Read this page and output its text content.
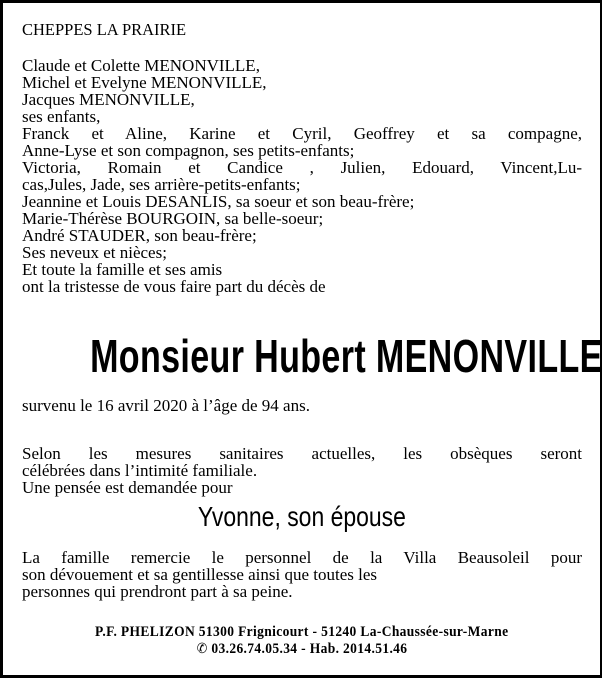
CHEPPES LA PRAIRIE
Claude et Colette MENONVILLE,
Michel et Evelyne MENONVILLE,
Jacques MENONVILLE,
ses enfants,
Franck et Aline, Karine et Cyril, Geoffrey et sa compagne,
Anne-Lyse et son compagnon, ses petits-enfants;
Victoria, Romain et Candice , Julien, Edouard, Vincent,Lu-
cas,Jules, Jade, ses arrière-petits-enfants;
Jeannine et Louis DESANLIS, sa soeur et son beau-frère;
Marie-Thérèse BOURGOIN, sa belle-soeur;
André STAUDER, son beau-frère;
Ses neveux et nièces;
Et toute la famille et ses amis
ont la tristesse de vous faire part du décès de
Monsieur Hubert MENONVILLE
survenu le 16 avril 2020 à l’âge de 94 ans.
Selon les mesures sanitaires actuelles, les obsèques seront
célébrées dans l’intimité familiale.
Une pensée est demandée pour
Yvonne, son épouse
La famille remercie le personnel de la Villa Beausoleil pour
son dévouement et sa gentillesse ainsi que toutes les
personnes qui prendront part à sa peine.
P.F. PHELIZON 51300 Frignicourt - 51240 La-Chaussée-sur-Marne
✆ 03.26.74.05.34 - Hab. 2014.51.46
